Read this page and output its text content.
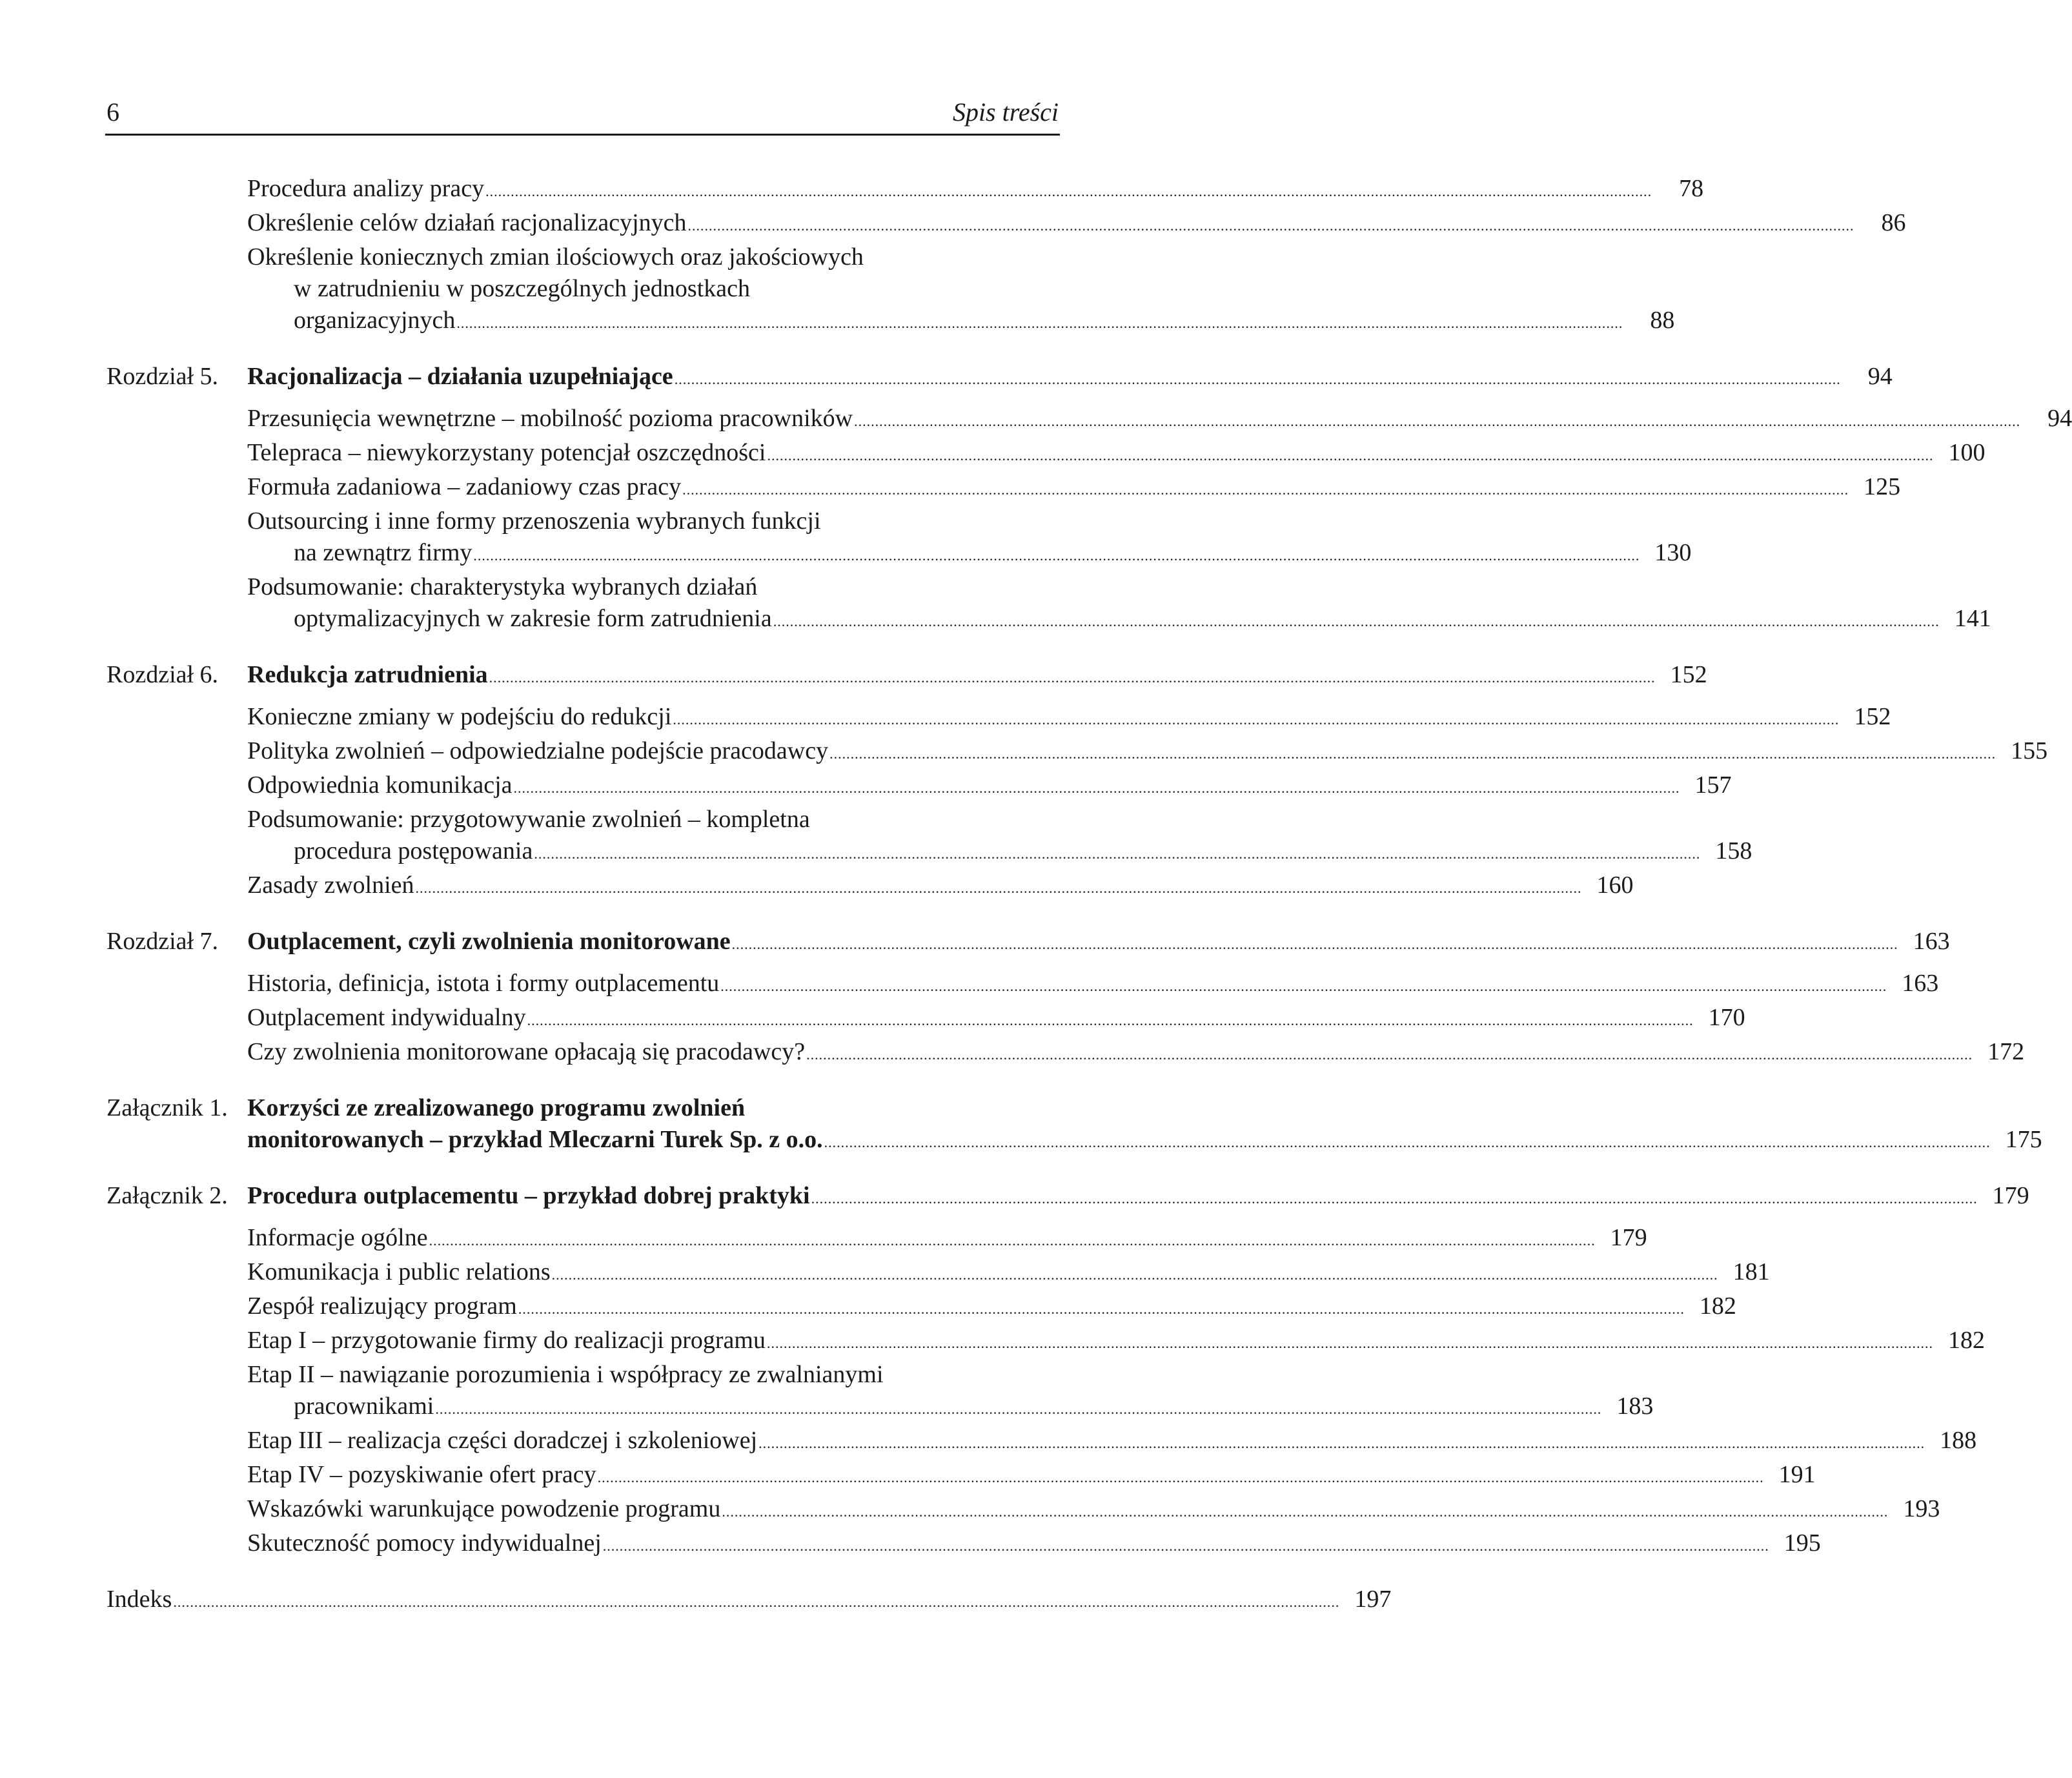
6	Spis treści
Procedura analizy pracy .....	78
Określenie celów działań racjonalizacyjnych .....	86
Określenie koniecznych zmian ilościowych oraz jakościowych
w zatrudnieniu w poszczególnych jednostkach
organizacyjnych .....	88
Rozdział 5.	Racjonalizacja – działania uzupełniające .....	94
Przesunięcia wewnętrzne – mobilność pozioma pracowników .....	94
Telepraca – niewykorzystany potencjał oszczędności .....	100
Formuła zadaniowa – zadaniowy czas pracy .....	125
Outsourcing i inne formy przenoszenia wybranych funkcji
na zewnątrz firmy .....	130
Podsumowanie: charakterystyka wybranych działań
optymalizacyjnych w zakresie form zatrudnienia .....	141
Rozdział 6.	Redukcja zatrudnienia .....	152
Konieczne zmiany w podejściu do redukcji .....	152
Polityka zwolnień – odpowiedzialne podejście pracodawcy .....	155
Odpowiednia komunikacja .....	157
Podsumowanie: przygotowywanie zwolnień – kompletna
procedura postępowania .....	158
Zasady zwolnień .....	160
Rozdział 7.	Outplacement, czyli zwolnienia monitorowane .....	163
Historia, definicja, istota i formy outplacementu .....	163
Outplacement indywidualny .....	170
Czy zwolnienia monitorowane opłacają się pracodawcy? .....	172
Załącznik 1. Korzyści ze zrealizowanego programu zwolnień
monitorowanych – przykład Mleczarni Turek Sp. z o.o. .....	175
Załącznik 2. Procedura outplacementu – przykład dobrej praktyki .....	179
Informacje ogólne .....	179
Komunikacja i public relations .....	181
Zespół realizujący program .....	182
Etap I – przygotowanie firmy do realizacji programu .....	182
Etap II – nawiązanie porozumienia i współpracy ze zwalnianymi
pracownikami .....	183
Etap III – realizacja części doradczej i szkoleniowej .....	188
Etap IV – pozyskiwanie ofert pracy .....	191
Wskazówki warunkujące powodzenie programu .....	193
Skuteczność pomocy indywidualnej .....	195
Indeks .....	197
